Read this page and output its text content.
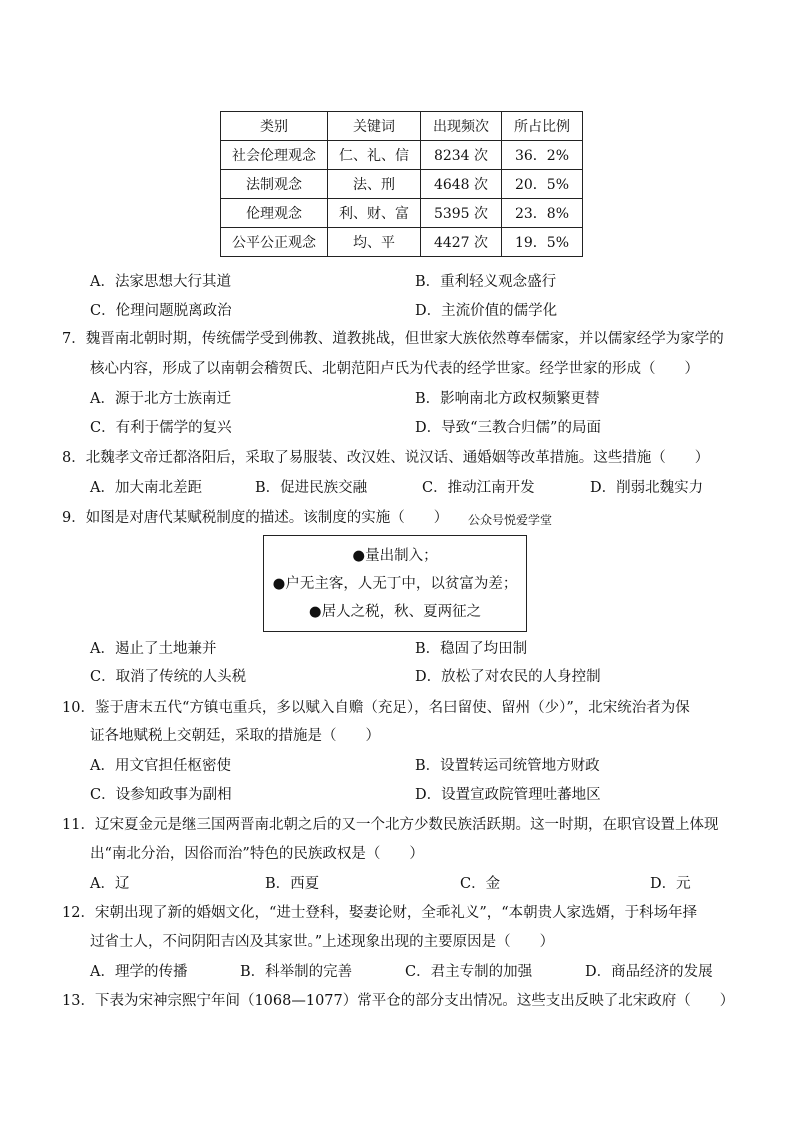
类别	关键词	出现频次	所占比例
社会伦理观念	仁、礼、信	8234 次	36．2%
法制观念	法、刑	4648 次	20．5%
伦理观念	利、财、富	5395 次	23．8%
公平公正观念	均、平	4427 次	19．5%
A．法家思想大行其道	B．重利轻义观念盛行
C．伦理问题脱离政治	D．主流价值的儒学化
7．魏晋南北朝时期，传统儒学受到佛教、道教挑战，但世家大族依然尊奉儒家，并以儒家经学为家学的
核心内容，形成了以南朝会稽贺氏、北朝范阳卢氏为代表的经学世家。经学世家的形成（　　）
A．源于北方士族南迁	B．影响南北方政权频繁更替
C．有利于儒学的复兴	D．导致“三教合归儒”的局面
8．北魏孝文帝迁都洛阳后，采取了易服装、改汉姓、说汉话、通婚姻等改革措施。这些措施（　　）
A．加大南北差距	B．促进民族交融	C．推动江南开发	D．削弱北魏实力
9．如图是对唐代某赋税制度的描述。该制度的实施（　　） 公众号悦爱学堂
●量出制入；
●户无主客，人无丁中，以贫富为差；
●居人之税，秋、夏两征之
A．遏止了土地兼并	B．稳固了均田制
C．取消了传统的人头税	D．放松了对农民的人身控制
10．鉴于唐末五代“方镇屯重兵，多以赋入自赡（充足），名曰留使、留州（少）”，北宋统治者为保
证各地赋税上交朝廷，采取的措施是（　　）
A．用文官担任枢密使	B．设置转运司统管地方财政
C．设参知政事为副相	D．设置宣政院管理吐蕃地区
11．辽宋夏金元是继三国两晋南北朝之后的又一个北方少数民族活跃期。这一时期，在职官设置上体现
出“南北分治，因俗而治”特色的民族政权是（　　）
A．辽	B．西夏	C．金	D．元
12．宋朝出现了新的婚姻文化，“进士登科，娶妻论财，全乖礼义”，“本朝贵人家选婿，于科场年择
过省士人，不问阴阳吉凶及其家世。”上述现象出现的主要原因是（　　）
A．理学的传播	B．科举制的完善	C．君主专制的加强	D．商品经济的发展
13．下表为宋神宗熙宁年间（1068—1077）常平仓的部分支出情况。这些支出反映了北宋政府（　　）
